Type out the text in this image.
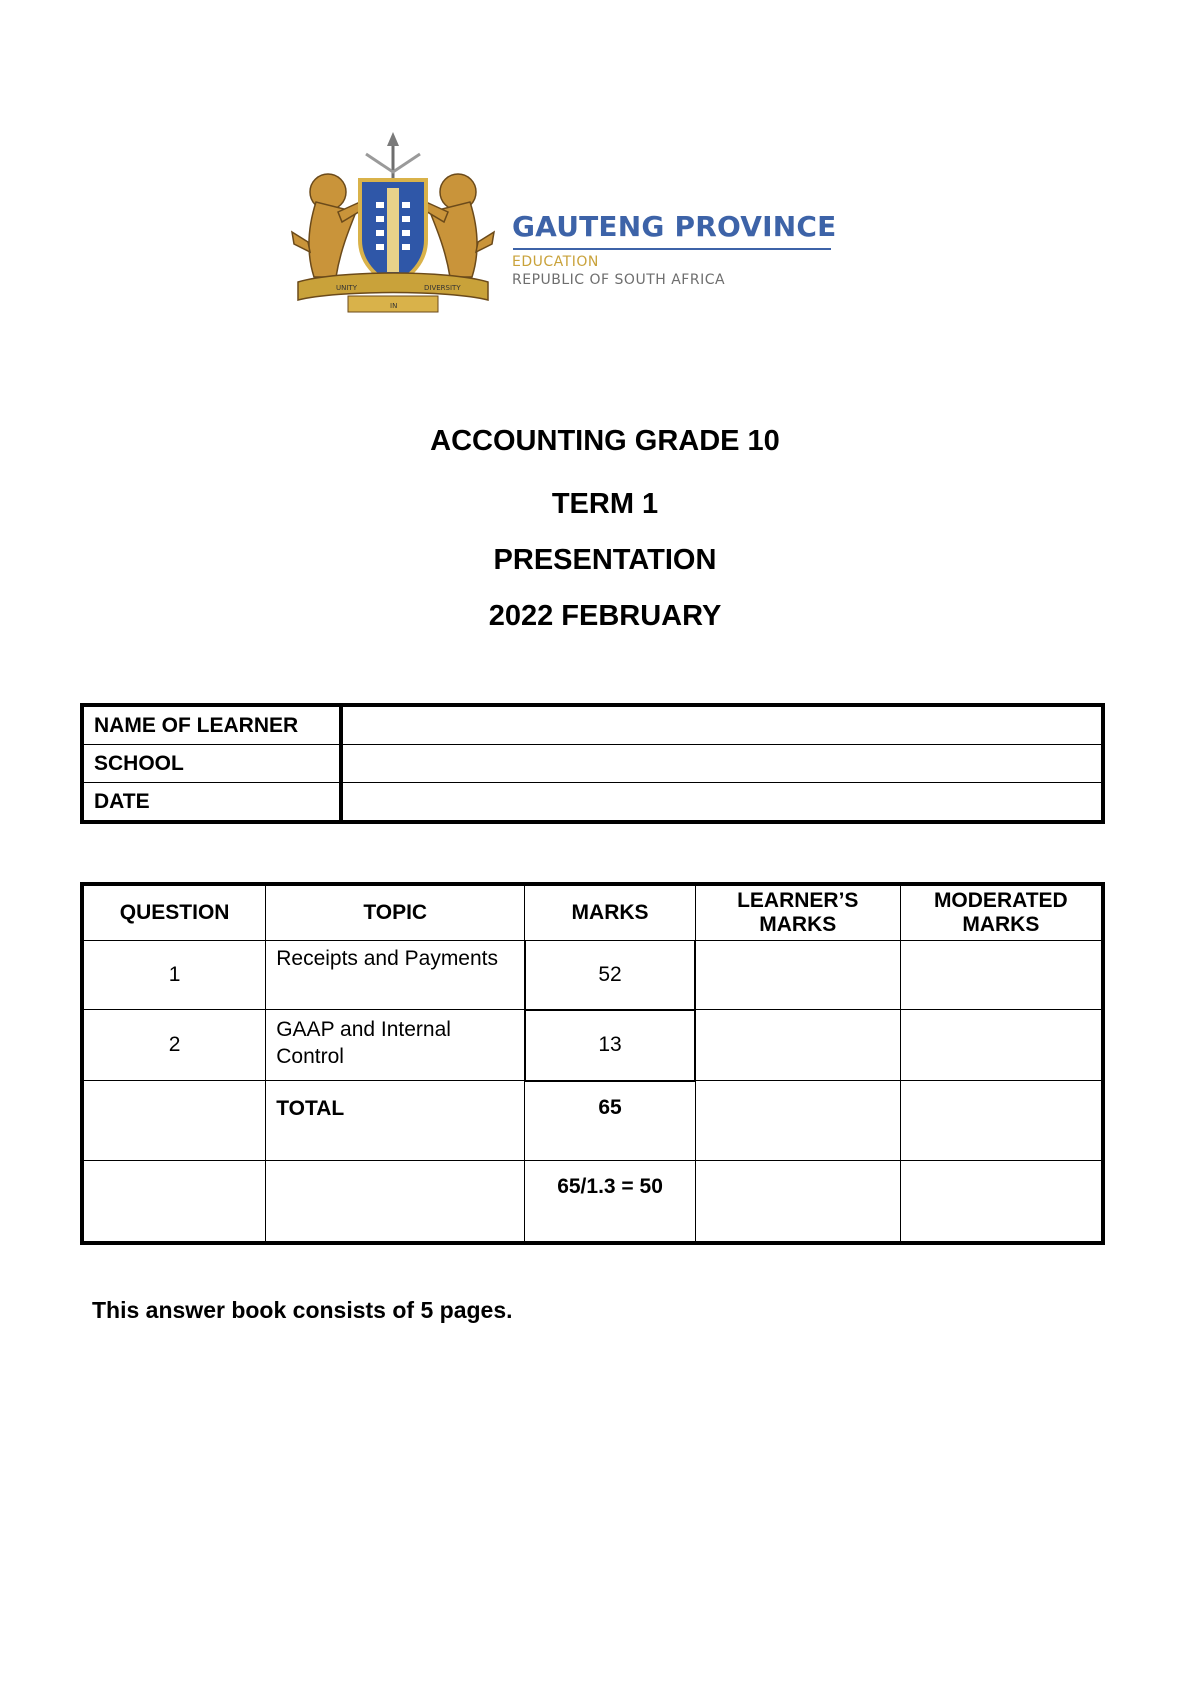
UNITY
IN
DIVERSITY
GAUTENG PROVINCE
EDUCATION
REPUBLIC OF SOUTH AFRICA
ACCOUNTING GRADE 10
TERM 1
PRESENTATION
2022 FEBRUARY
NAME OF LEARNER	
SCHOOL	
DATE	
QUESTION	TOPIC	MARKS	LEARNER’S MARKS	MODERATED MARKS
1	Receipts and Payments	52		
2	GAAP and Internal Control	13		
	TOTAL	65		
		65/1.3 = 50		
This answer book consists of 5 pages.
